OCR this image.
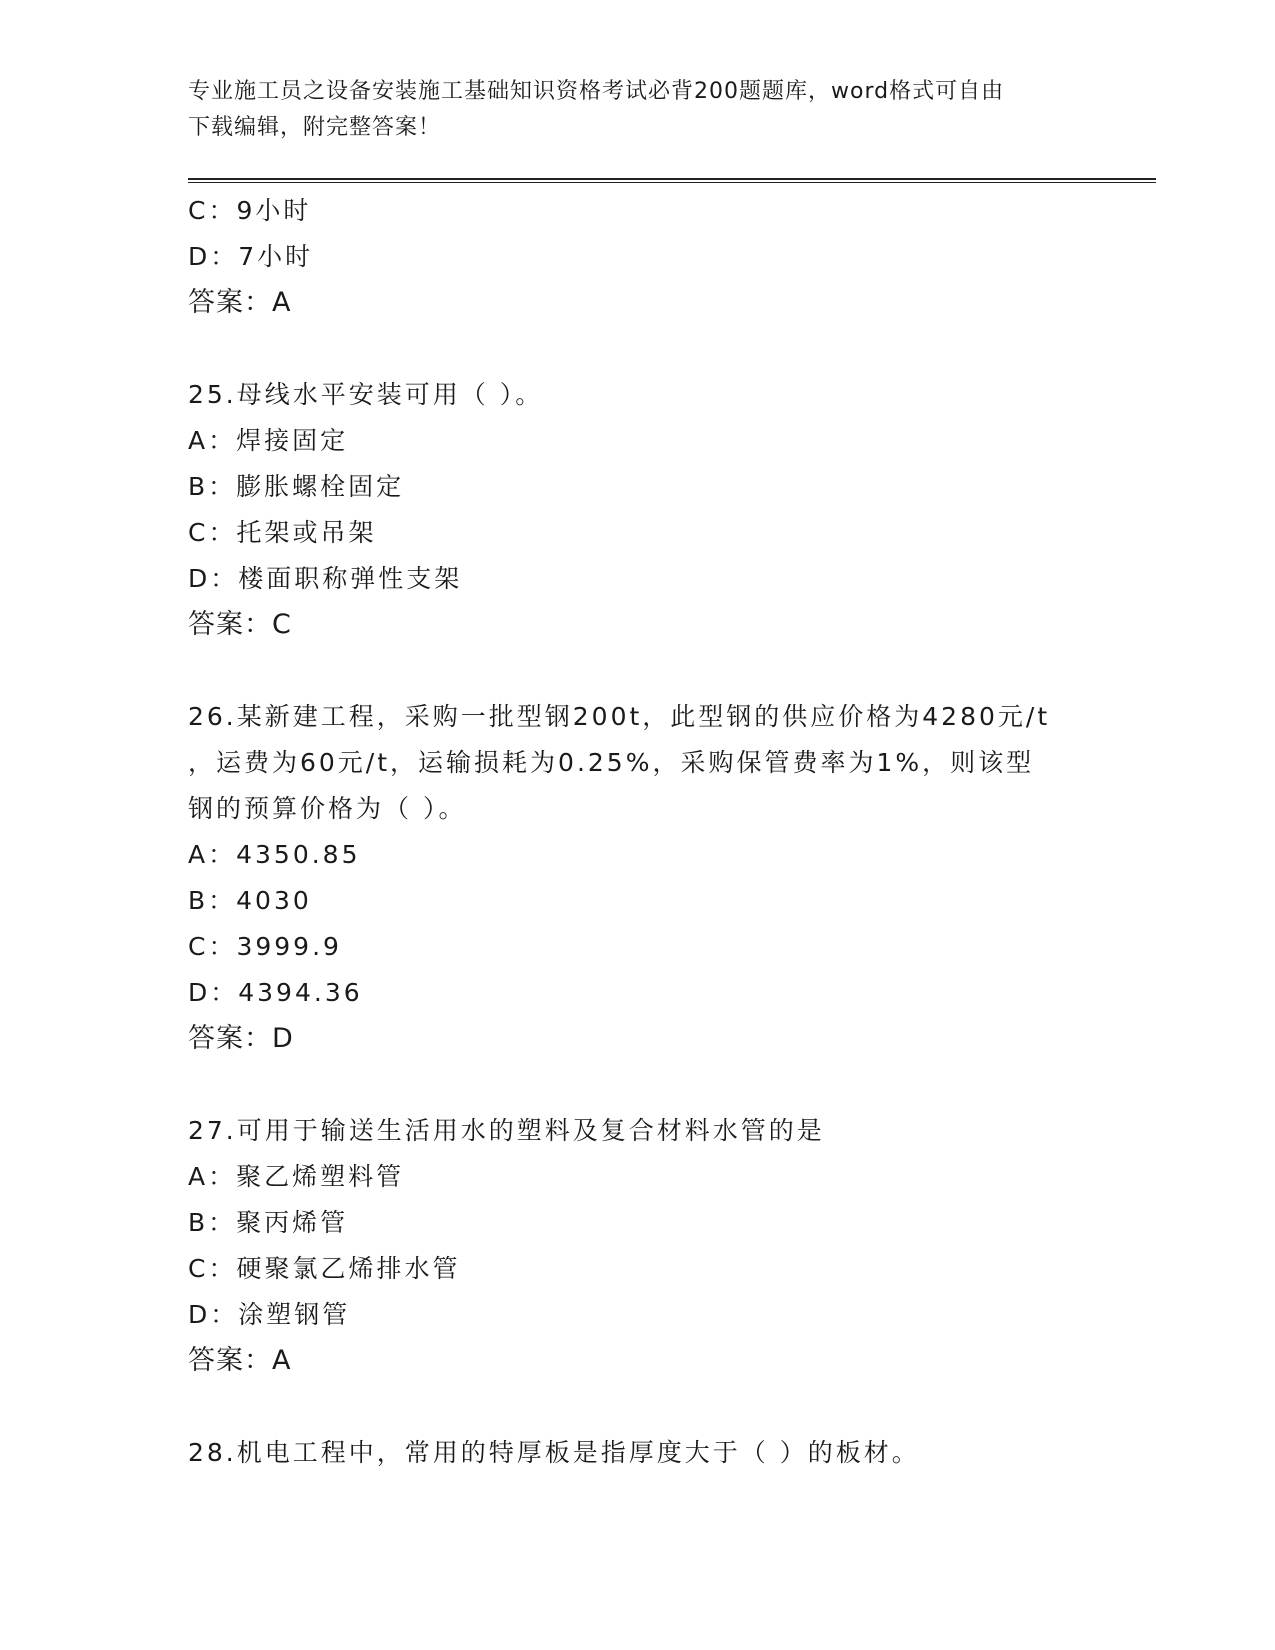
专业施工员之设备安装施工基础知识资格考试必背200题题库，word格式可自由
下载编辑，附完整答案！
C：9小时
D：7小时
答案：A
25.母线水平安装可用（ ）。
A：焊接固定
B：膨胀螺栓固定
C：托架或吊架
D：楼面职称弹性支架
答案：C
26.某新建工程，采购一批型钢200t，此型钢的供应价格为4280元/t
，运费为60元/t，运输损耗为0.25%，采购保管费率为1%，则该型
钢的预算价格为（ ）。
A：4350.85
B：4030
C：3999.9
D：4394.36
答案：D
27.可用于输送生活用水的塑料及复合材料水管的是
A：聚乙烯塑料管
B：聚丙烯管
C：硬聚氯乙烯排水管
D：涂塑钢管
答案：A
28.机电工程中，常用的特厚板是指厚度大于（ ）的板材。
